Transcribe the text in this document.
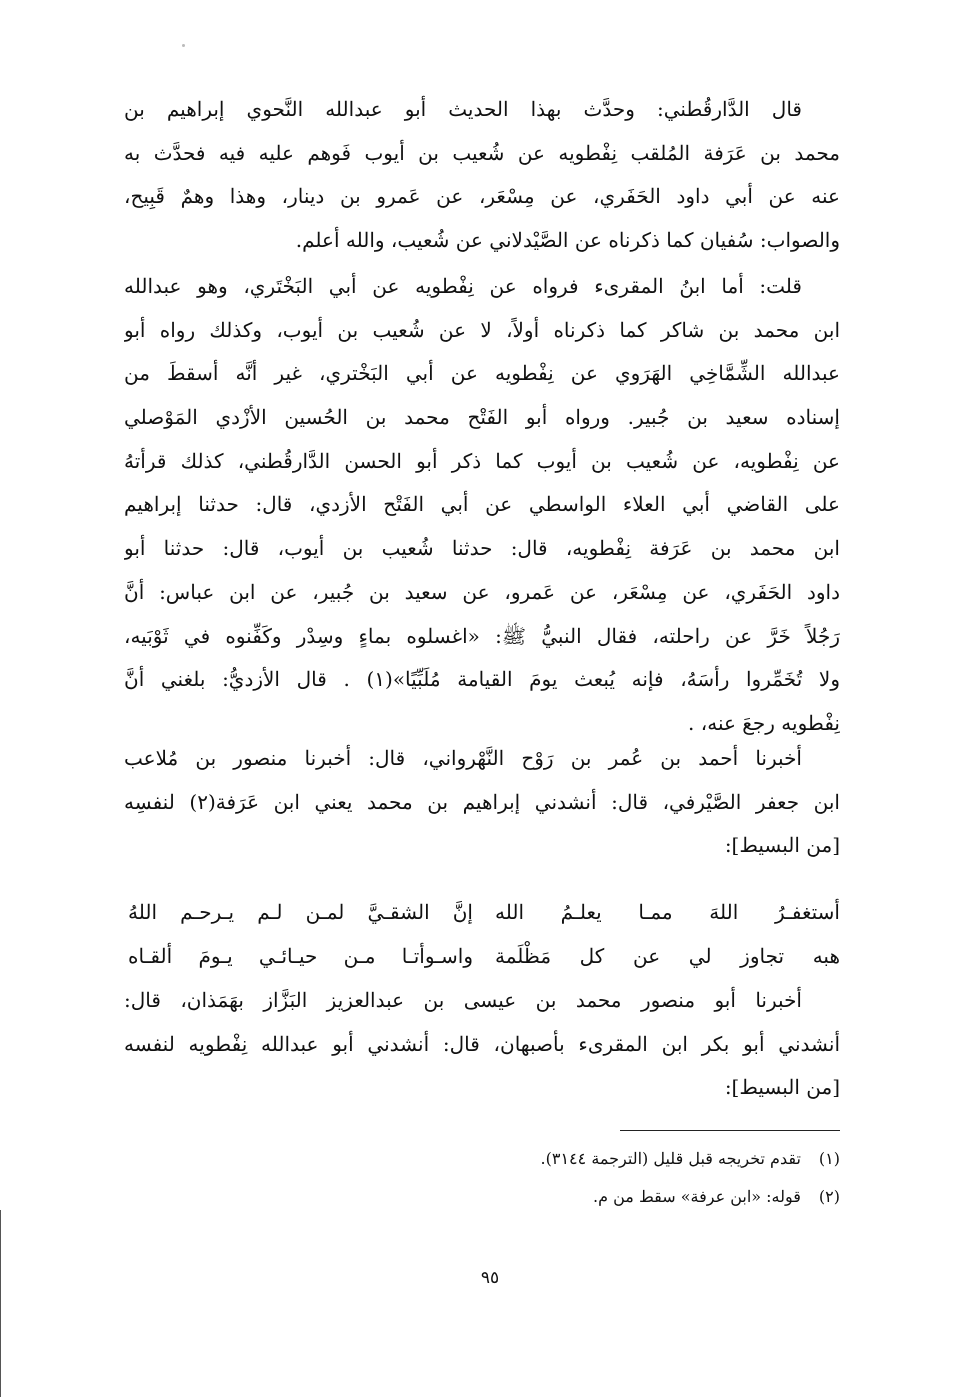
قال الدَّارقُطني: وحدَّث بهذا الحديث أبو عبدالله النَّحوي إبراهيم بن
محمد بن عَرَفة المُلقب نِفْطويه عن شُعيب بن أيوب فَوهم عليه فيه فحدَّث به
عنه عن أبي داود الحَفَري، عن مِسْعَر، عن عَمرو بن دينار، وهذا وهمٌ قَبِيح،
والصواب: سُفيان كما ذكرناه عن الصَّيْدلاني عن شُعيب، والله أعلم.
قلت: أما ابنُ المقرىء فرواه عن نِفْطويه عن أبي البَخْتَري، وهو عبدالله
ابن محمد بن شاكر كما ذكرناه أولاً، لا عن شُعيب بن أيوب، وكذلك رواه أبو
عبدالله الشِّمَّاخِي الهَرَوي عن نِفْطويه عن أبي البَخْتري، غير أنَّه أسقطَ من
إسناده سعيد بن جُبير. ورواه أبو الفَتْح محمد بن الحُسين الأزْدي المَوْصلي
عن نِفْطويه، عن شُعيب بن أيوب كما ذكر أبو الحسن الدَّارقُطني، كذلك قرأتهُ
على القاضي أبي العلاء الواسطي عن أبي الفَتْح الأزدي، قال: حدثنا إبراهيم
ابن محمد بن عَرَفة نِفْطويه، قال: حدثنا شُعيب بن أيوب، قال: حدثنا أبو
داود الحَفَري، عن مِسْعَر، عن عَمرو، عن سعيد بن جُبير، عن ابن عباس: أنَّ
رَجُلاً خَرَّ عن راحلته، فقال النبيُّ ﷺ: «اغسلوه بماءٍ وسِدْر وكَفِّنوه في ثَوْبَيه،
ولا تُخَمِّروا رأسَهُ، فإنه يُبعث يومَ القيامة مُلَبِّيًا»(١) . قال الأزديُّ: بلغني أنَّ
نِفْطويه رجعَ عنه، .
أخبرنا أحمد بن عُمر بن رَوْح النَّهْرواني، قال: أخبرنا منصور بن مُلاعب
ابن جعفر الصَّيْرفي، قال: أنشدني إبراهيم بن محمد يعني ابن عَرَفة(٢) لنفسِه
[من البسيط]:
أستغفـرُ اللهَ ممـا يعلـمُ الله
إنَّ الشقـيَّ لمـن لـم يـرحـم اللهُ
هبه تجاوز لي عن كل مَظْلَمة
واسـوأتـا مـن حيـائـي يـومَ ألقـاه
أخبرنا أبو منصور محمد بن عيسى بن عبدالعزيز البَزَّاز بهَمَذان، قال:
أنشدني أبو بكر ابن المقرىء بأصبهان، قال: أنشدني أبو عبدالله نِفْطويه لنفسه
[من البسيط]:
(١) تقدم تخريجه قبل قليل (الترجمة ٣١٤٤).
(٢) قوله: «ابن عرفة» سقط من م.
٩٥
